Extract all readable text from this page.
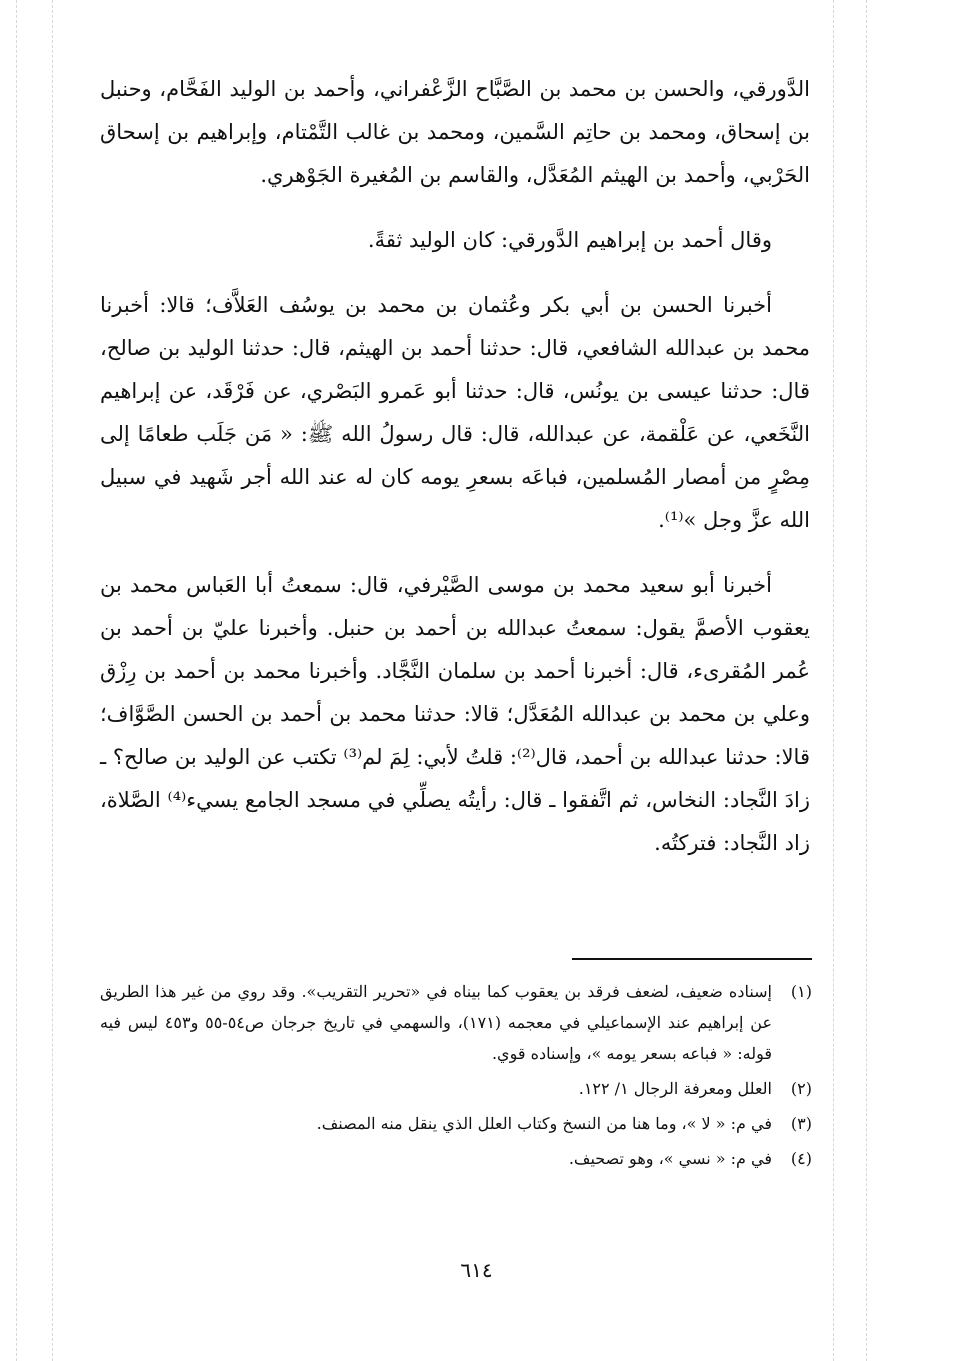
الدَّورقي، والحسن بن محمد بن الصَّبَّاح الزَّعْفراني، وأحمد بن الوليد الفَحَّام، وحنبل بن إسحاق، ومحمد بن حاتِم السَّمين، ومحمد بن غالب التَّمْتام، وإبراهيم بن إسحاق الحَرْبي، وأحمد بن الهيثم المُعَدَّل، والقاسم بن المُغيرة الجَوْهري.

وقال أحمد بن إبراهيم الدَّورقي: كان الوليد ثقةً.

أخبرنا الحسن بن أبي بكر وعُثمان بن محمد بن يوسُف العَلاَّف؛ قالا: أخبرنا محمد بن عبدالله الشافعي، قال: حدثنا أحمد بن الهيثم، قال: حدثنا الوليد بن صالح، قال: حدثنا عيسى بن يونُس، قال: حدثنا أبو عَمرو البَصْري، عن فَرْقَد، عن إبراهيم النَّخَعي، عن عَلْقمة، عن عبدالله، قال: قال رسولُ الله ﷺ: « مَن جَلَب طعامًا إلى مِصْرٍ من أمصار المُسلمين، فباعَه بسعرِ يومه كان له عند الله أجر شَهيد في سبيل الله عزَّ وجل »⁽¹⁾.

أخبرنا أبو سعيد محمد بن موسى الصَّيْرفي، قال: سمعتُ أبا العَباس محمد بن يعقوب الأصمَّ يقول: سمعتُ عبدالله بن أحمد بن حنبل. وأخبرنا عليّ بن أحمد بن عُمر المُقرىء، قال: أخبرنا أحمد بن سلمان النَّجَّاد. وأخبرنا محمد بن أحمد بن رِزْق وعلي بن محمد بن عبدالله المُعَدَّل؛ قالا: حدثنا محمد بن أحمد بن الحسن الصَّوَّاف؛ قالا: حدثنا عبدالله بن أحمد، قال⁽²⁾: قلتُ لأبي: لِمَ لم⁽³⁾ تكتب عن الوليد بن صالح؟ ـ زادَ النَّجاد: النخاس، ثم اتَّفقوا ـ قال: رأيتُه يصلِّي في مسجد الجامع يسيء⁽⁴⁾ الصَّلاة، زاد النَّجاد: فتركتُه.

(١)
إسناده ضعيف، لضعف فرقد بن يعقوب كما بيناه في «تحرير التقريب». وقد روي من غير هذا الطريق عن إبراهيم عند الإسماعيلي في معجمه (١٧١)، والسهمي في تاريخ جرجان ص٥٤-٥٥ و٤٥٣ ليس فيه قوله: « فباعه بسعر يومه »، وإسناده قوي.
(٢)
العلل ومعرفة الرجال ١/ ١٢٢.
(٣)
في م: « لا »، وما هنا من النسخ وكتاب العلل الذي ينقل منه المصنف.
(٤)
في م: « نسي »، وهو تصحيف.
٦١٤
